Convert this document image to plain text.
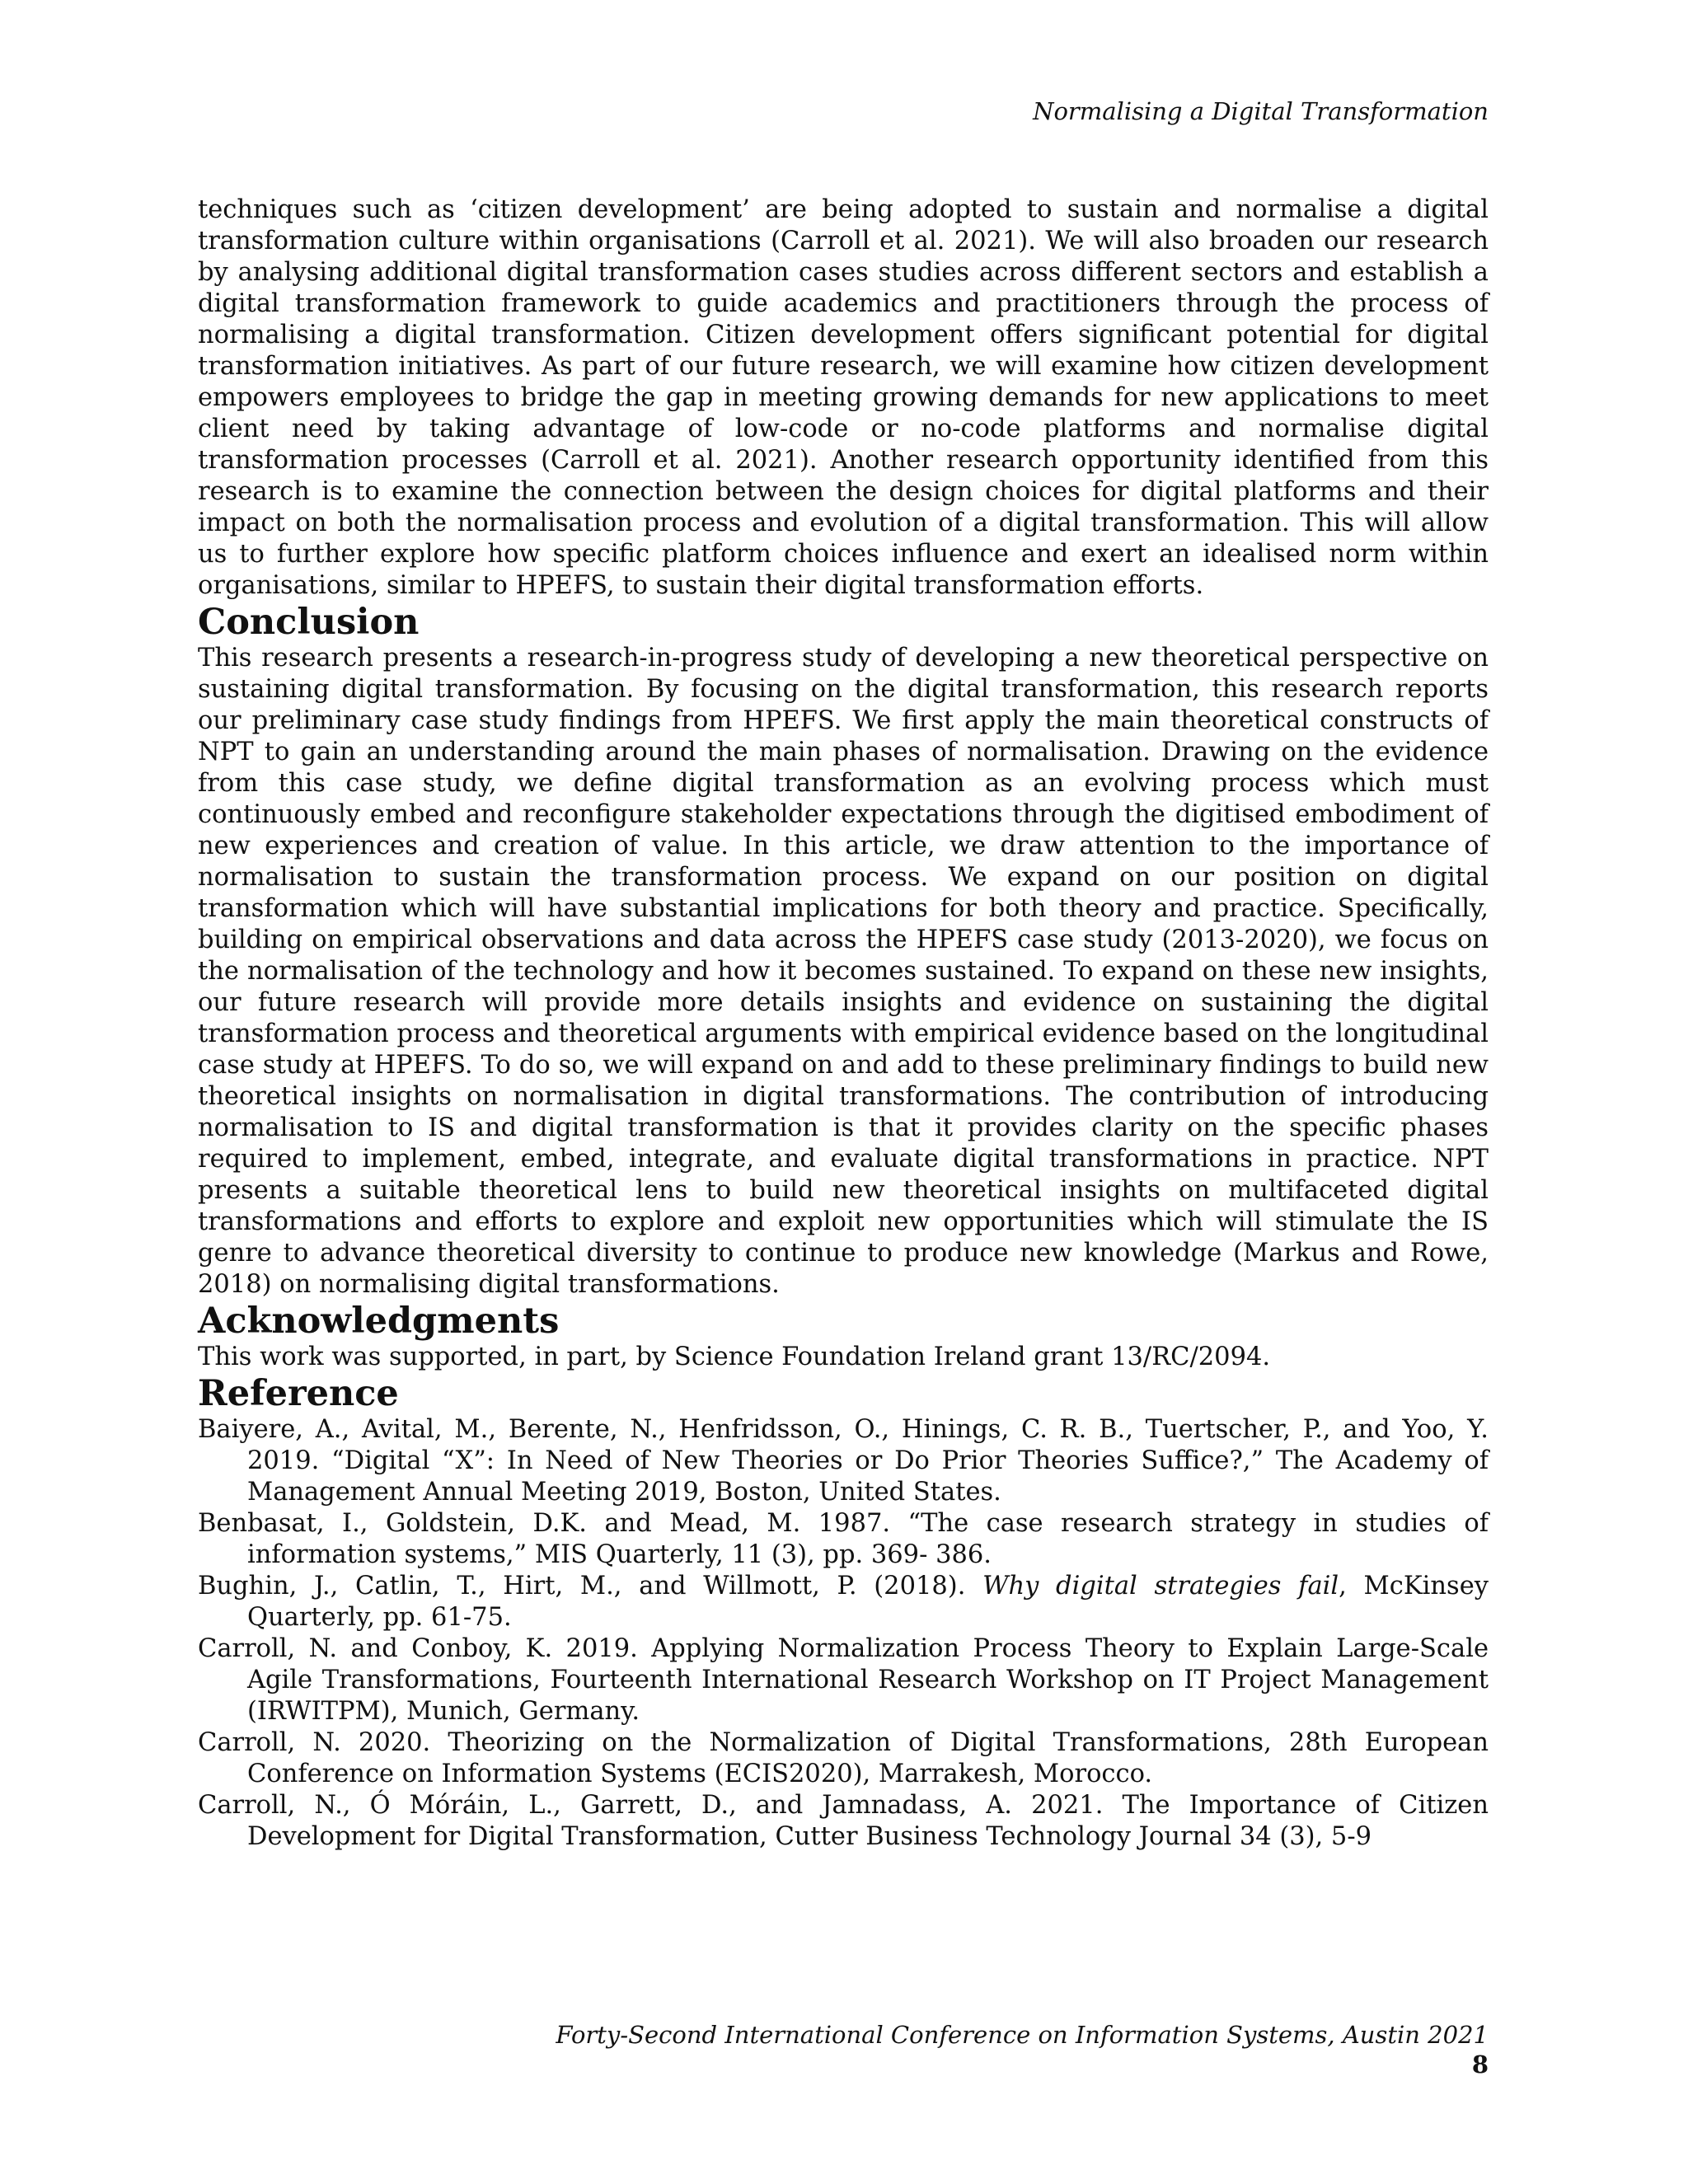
Normalising a Digital Transformation

techniques such as ‘citizen development’ are being adopted to sustain and normalise a digital transformation culture within organisations (Carroll et al. 2021). We will also broaden our research by analysing additional digital transformation cases studies across different sectors and establish a digital transformation framework to guide academics and practitioners through the process of normalising a digital transformation. Citizen development offers significant potential for digital transformation initiatives. As part of our future research, we will examine how citizen development empowers employees to bridge the gap in meeting growing demands for new applications to meet client need by taking advantage of low-code or no-code platforms and normalise digital transformation processes (Carroll et al. 2021). Another research opportunity identified from this research is to examine the connection between the design choices for digital platforms and their impact on both the normalisation process and evolution of a digital transformation. This will allow us to further explore how specific platform choices influence and exert an idealised norm within organisations, similar to HPEFS, to sustain their digital transformation efforts.

Conclusion

This research presents a research-in-progress study of developing a new theoretical perspective on sustaining digital transformation. By focusing on the digital transformation, this research reports our preliminary case study findings from HPEFS. We first apply the main theoretical constructs of NPT to gain an understanding around the main phases of normalisation. Drawing on the evidence from this case study, we define digital transformation as an evolving process which must continuously embed and reconfigure stakeholder expectations through the digitised embodiment of new experiences and creation of value. In this article, we draw attention to the importance of normalisation to sustain the transformation process. We expand on our position on digital transformation which will have substantial implications for both theory and practice. Specifically, building on empirical observations and data across the HPEFS case study (2013-2020), we focus on the normalisation of the technology and how it becomes sustained. To expand on these new insights, our future research will provide more details insights and evidence on sustaining the digital transformation process and theoretical arguments with empirical evidence based on the longitudinal case study at HPEFS. To do so, we will expand on and add to these preliminary findings to build new theoretical insights on normalisation in digital transformations. The contribution of introducing normalisation to IS and digital transformation is that it provides clarity on the specific phases required to implement, embed, integrate, and evaluate digital transformations in practice. NPT presents a suitable theoretical lens to build new theoretical insights on multifaceted digital transformations and efforts to explore and exploit new opportunities which will stimulate the IS genre to advance theoretical diversity to continue to produce new knowledge (Markus and Rowe, 2018) on normalising digital transformations.

Acknowledgments

This work was supported, in part, by Science Foundation Ireland grant 13/RC/2094.

Reference

Baiyere, A., Avital, M., Berente, N., Henfridsson, O., Hinings, C. R. B., Tuertscher, P., and Yoo, Y. 2019. “Digital “X”: In Need of New Theories or Do Prior Theories Suffice?,” The Academy of Management Annual Meeting 2019, Boston, United States.

Benbasat, I., Goldstein, D.K. and Mead, M. 1987. “The case research strategy in studies of information systems,” MIS Quarterly, 11 (3), pp. 369- 386.

Bughin, J., Catlin, T., Hirt, M., and Willmott, P. (2018). Why digital strategies fail, McKinsey Quarterly, pp. 61-75.

Carroll, N. and Conboy, K. 2019. Applying Normalization Process Theory to Explain Large-Scale Agile Transformations, Fourteenth International Research Workshop on IT Project Management (IRWITPM), Munich, Germany.

Carroll, N. 2020. Theorizing on the Normalization of Digital Transformations, 28th European Conference on Information Systems (ECIS2020), Marrakesh, Morocco.

Carroll, N., Ó Móráin, L., Garrett, D., and Jamnadass, A. 2021. The Importance of Citizen Development for Digital Transformation, Cutter Business Technology Journal 34 (3), 5-9

Forty-Second International Conference on Information Systems, Austin 2021
8
